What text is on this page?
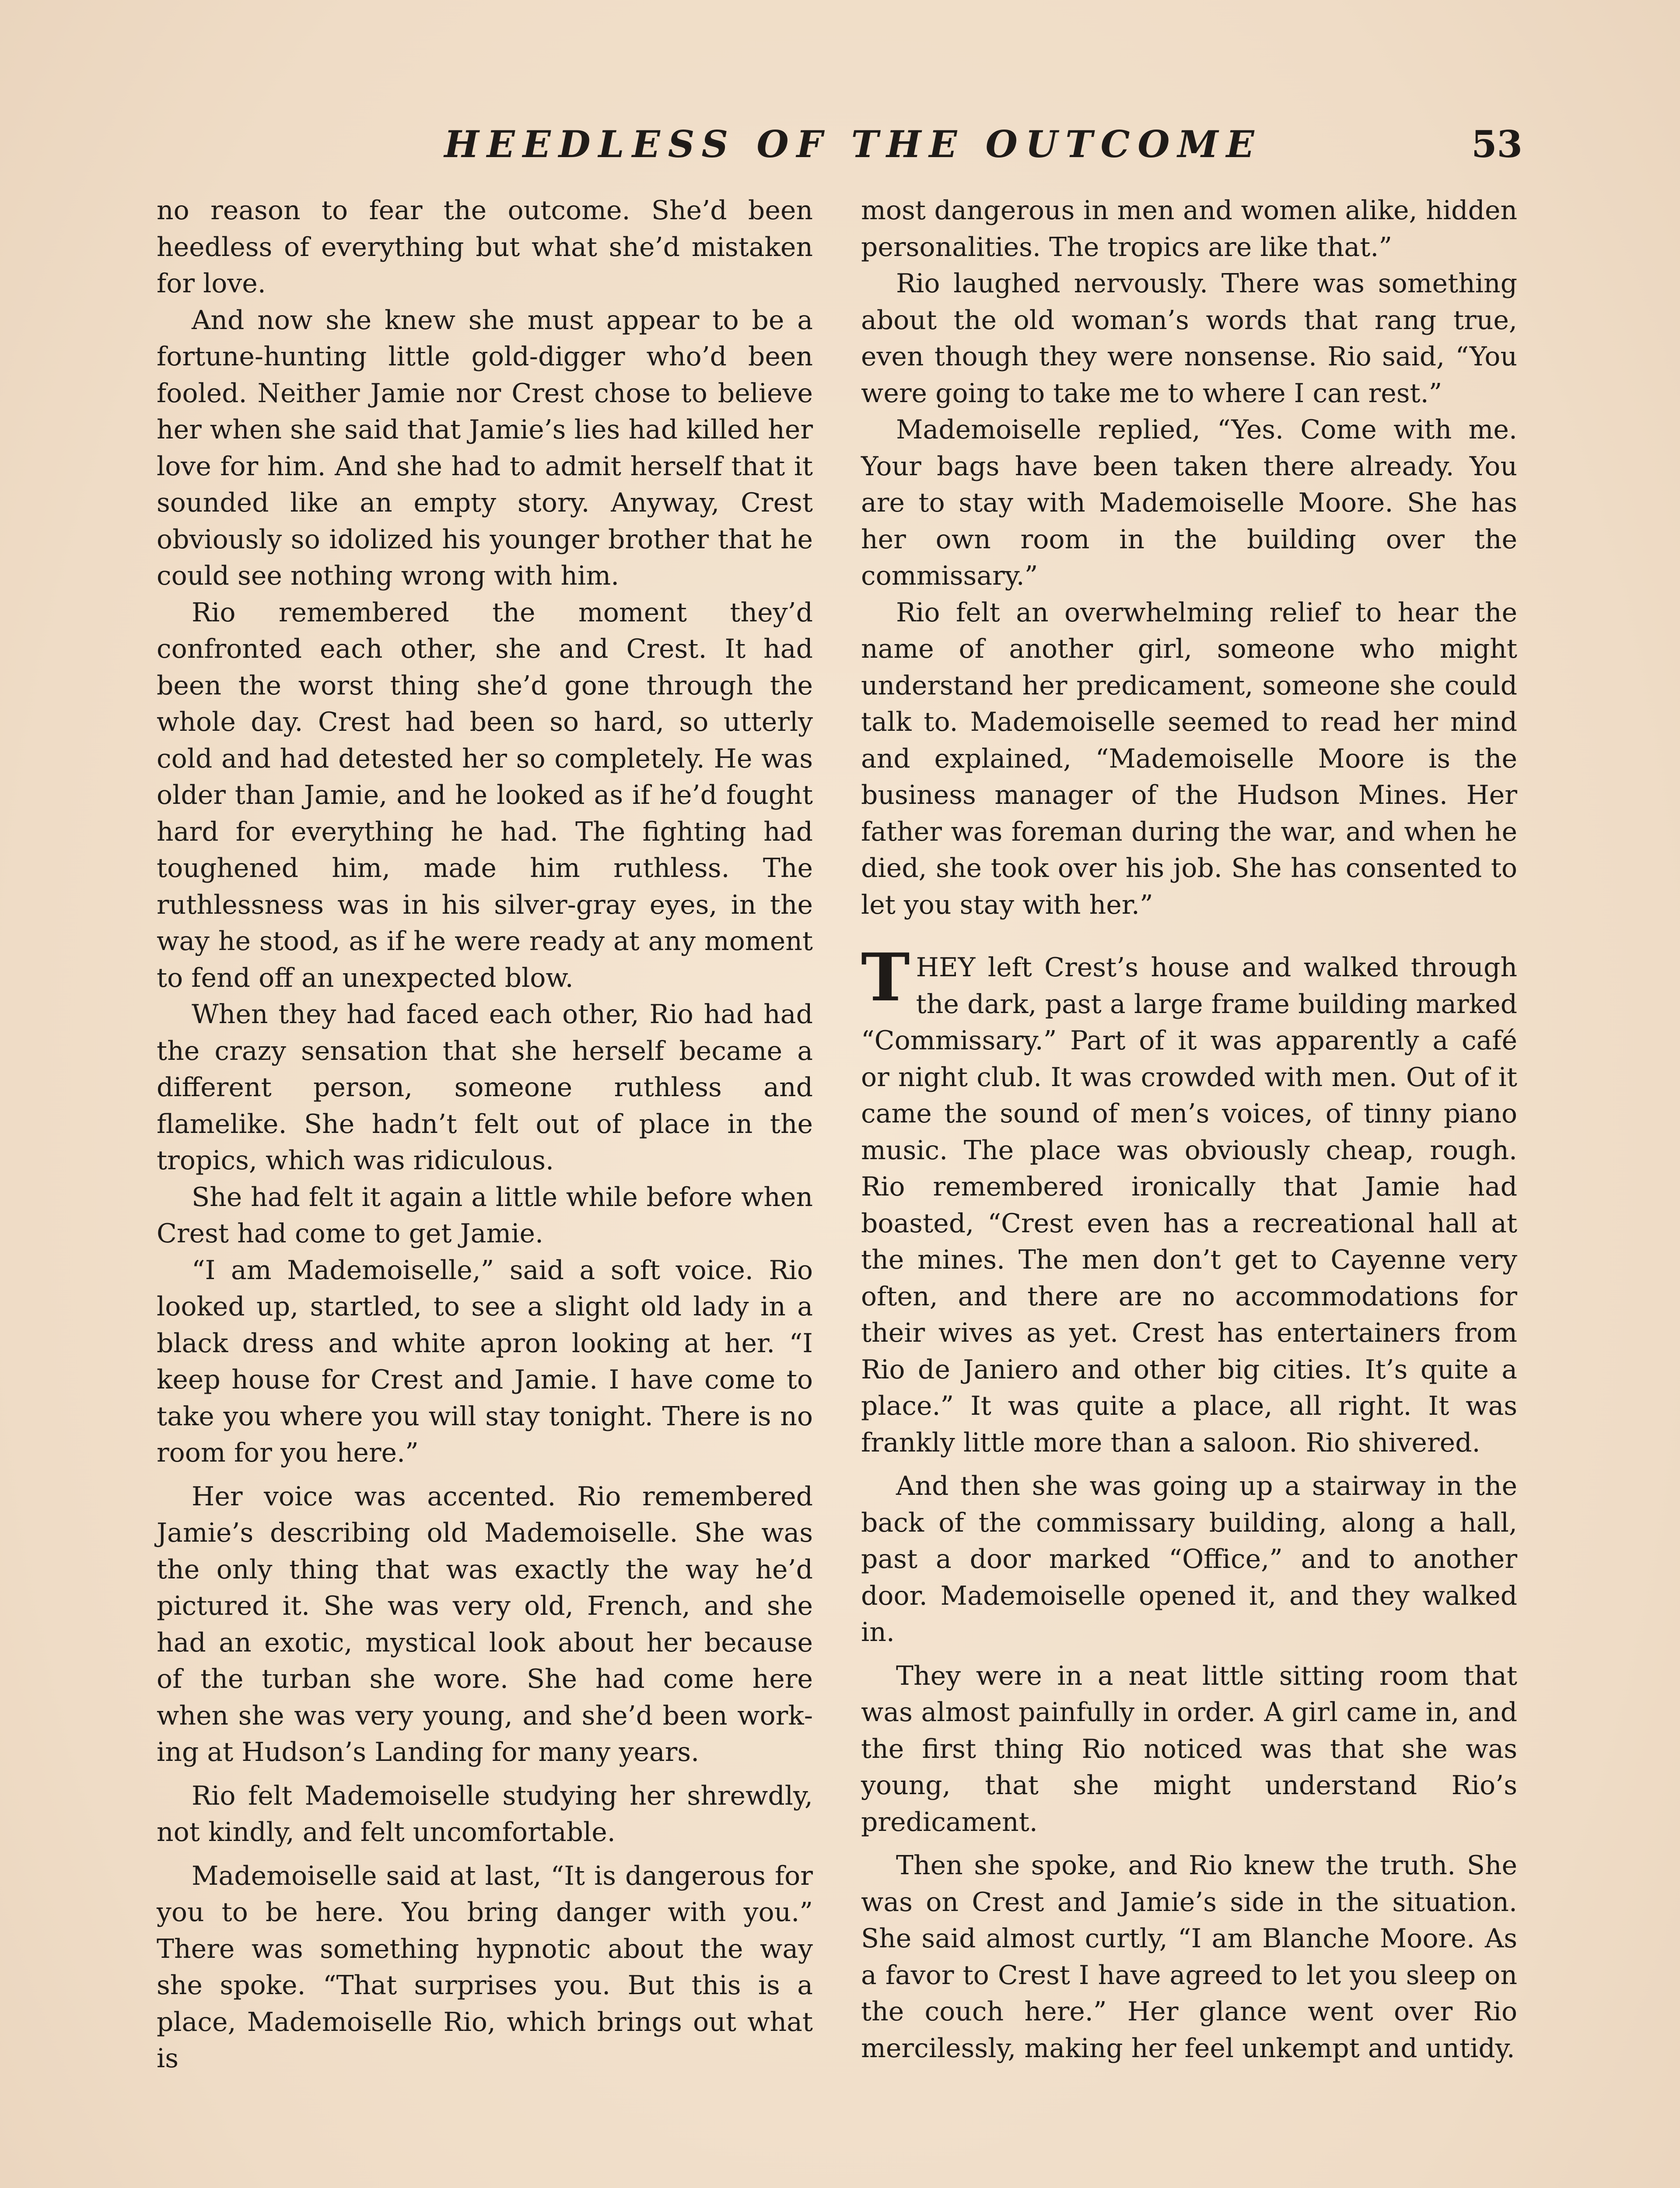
HEEDLESS OF THE OUTCOME	53

no reason to fear the outcome. She’d been heedless of everything but what she’d mistaken for love.

And now she knew she must appear to be a fortune-hunting little gold-digger who’d been fooled. Neither Jamie nor Crest chose to believe her when she said that Jamie’s lies had killed her love for him. And she had to admit herself that it sounded like an empty story. Anyway, Crest obviously so idolized his younger brother that he could see nothing wrong with him.

Rio remembered the moment they’d confronted each other, she and Crest. It had been the worst thing she’d gone through the whole day. Crest had been so hard, so utterly cold and had detested her so completely. He was older than Jamie, and he looked as if he’d fought hard for everything he had. The fighting had toughened him, made him ruthless. The ruthlessness was in his silver-gray eyes, in the way he stood, as if he were ready at any moment to fend off an unexpected blow.

When they had faced each other, Rio had had the crazy sensation that she herself became a different person, someone ruthless and flamelike. She hadn’t felt out of place in the tropics, which was ridiculous.

She had felt it again a little while before when Crest had come to get Jamie.

“I am Mademoiselle,” said a soft voice. Rio looked up, startled, to see a slight old lady in a black dress and white apron looking at her. “I keep house for Crest and Jamie. I have come to take you where you will stay tonight. There is no room for you here.”

Her voice was accented. Rio remembered Jamie’s describing old Mademoiselle. She was the only thing that was exactly the way he’d pictured it. She was very old, French, and she had an exotic, mystical look about her because of the turban she wore. She had come here when she was very young, and she’d been working at Hudson’s Landing for many years.

Rio felt Mademoiselle studying her shrewdly, not kindly, and felt uncomfortable.

Mademoiselle said at last, “It is dangerous for you to be here. You bring danger with you.” There was something hypnotic about the way she spoke. “That surprises you. But this is a place, Mademoiselle Rio, which brings out what is

most dangerous in men and women alike, hidden personalities. The tropics are like that.”

Rio laughed nervously. There was something about the old woman’s words that rang true, even though they were nonsense. Rio said, “You were going to take me to where I can rest.”

Mademoiselle replied, “Yes. Come with me. Your bags have been taken there already. You are to stay with Mademoiselle Moore. She has her own room in the building over the commissary.”

Rio felt an overwhelming relief to hear the name of another girl, someone who might understand her predicament, someone she could talk to. Mademoiselle seemed to read her mind and explained, “Mademoiselle Moore is the business manager of the Hudson Mines. Her father was foreman during the war, and when he died, she took over his job. She has consented to let you stay with her.”

THEY left Crest’s house and walked through the dark, past a large frame building marked “Commissary.” Part of it was apparently a café or night club. It was crowded with men. Out of it came the sound of men’s voices, of tinny piano music. The place was obviously cheap, rough. Rio remembered ironically that Jamie had boasted, “Crest even has a recreational hall at the mines. The men don’t get to Cayenne very often, and there are no accommodations for their wives as yet. Crest has entertainers from Rio de Janiero and other big cities. It’s quite a place.” It was quite a place, all right. It was frankly little more than a saloon. Rio shivered.

And then she was going up a stairway in the back of the commissary building, along a hall, past a door marked “Office,” and to another door. Mademoiselle opened it, and they walked in.

They were in a neat little sitting room that was almost painfully in order. A girl came in, and the first thing Rio noticed was that she was young, that she might understand Rio’s predicament.

Then she spoke, and Rio knew the truth. She was on Crest and Jamie’s side in the situation. She said almost curtly, “I am Blanche Moore. As a favor to Crest I have agreed to let you sleep on the couch here.” Her glance went over Rio mercilessly, making her feel unkempt and untidy.
